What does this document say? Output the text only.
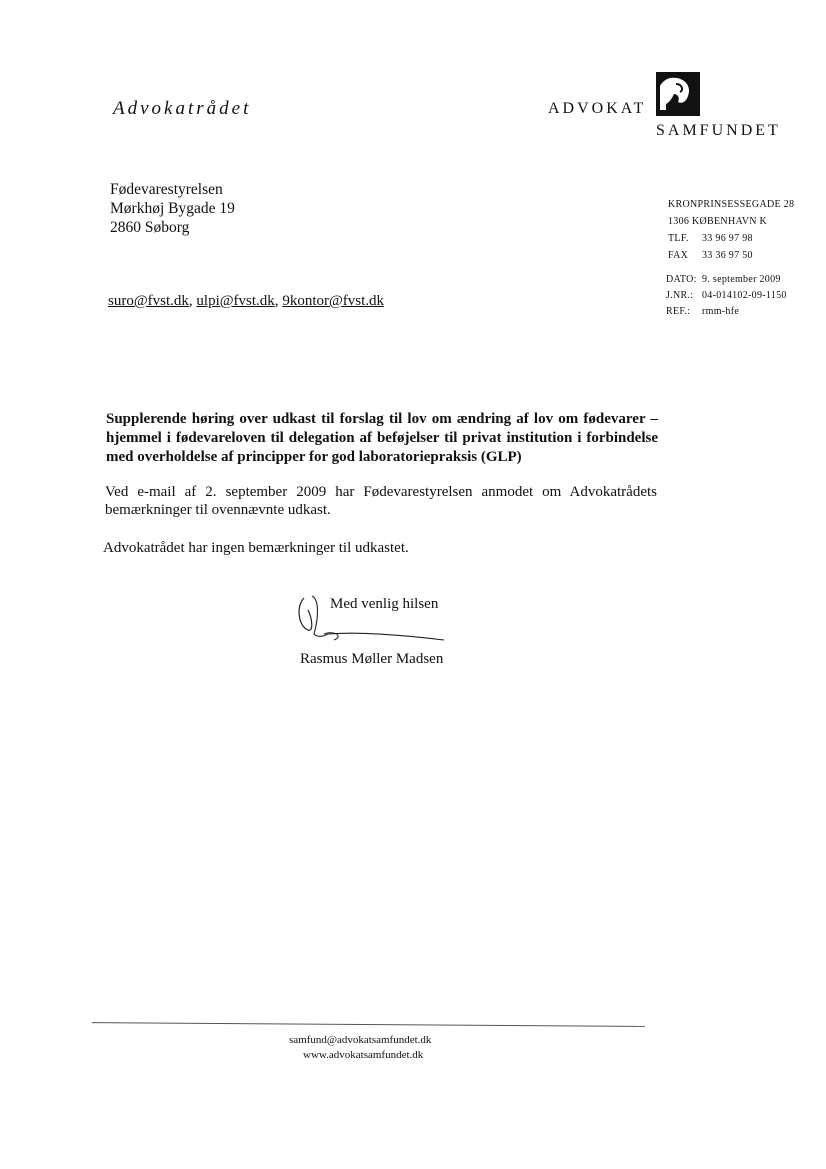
Advokatrådet	ADVOKAT
SAMFUNDET
Fødevarestyrelsen
Mørkhøj Bygade 19
2860 Søborg
suro@fvst.dk, ulpi@fvst.dk, 9kontor@fvst.dk
KRONPRINSESSEGADE 28
1306 KØBENHAVN K
TLF. 33 96 97 98
FAX 33 36 97 50
DATO: 9. september 2009
J.NR.: 04-014102-09-1150
REF.: rmm-hfe
Supplerende høring over udkast til forslag til lov om ændring af lov om fødevarer – hjemmel i fødevareloven til delegation af beføjelser til privat institution i forbindelse med overholdelse af principper for god laboratoriepraksis (GLP)
Ved e-mail af 2. september 2009 har Fødevarestyrelsen anmodet om Advokatrådets bemærkninger til ovennævnte udkast.
Advokatrådet har ingen bemærkninger til udkastet.
Med venlig hilsen
Rasmus Møller Madsen
samfund@advokatsamfundet.dk
www.advokatsamfundet.dk
